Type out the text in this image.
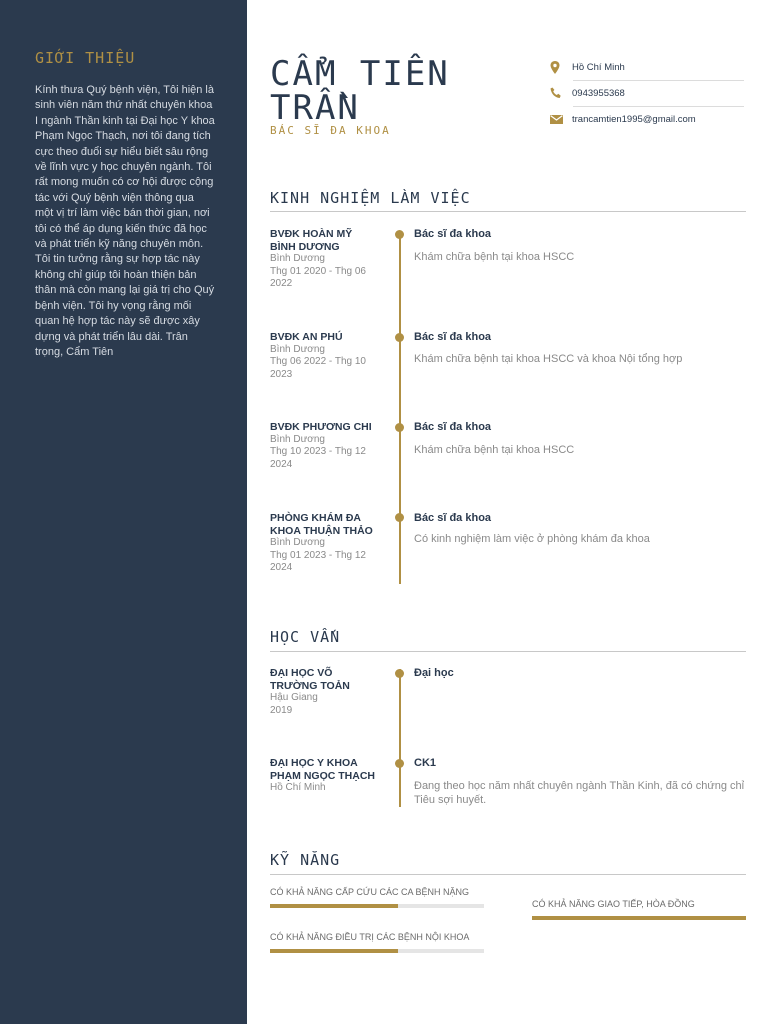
GIỚI THIỆU

Kính thưa Quý bệnh viện, Tôi hiện là sinh viên năm thứ nhất chuyên khoa I ngành Thần kinh tại Đại học Y khoa Phạm Ngọc Thạch, nơi tôi đang tích cực theo đuổi sự hiểu biết sâu rộng về lĩnh vực y học chuyên ngành. Tôi rất mong muốn có cơ hội được cộng tác với Quý bệnh viện thông qua một vị trí làm việc bán thời gian, nơi tôi có thể áp dụng kiến thức đã học và phát triển kỹ năng chuyên môn. Tôi tin tưởng rằng sự hợp tác này không chỉ giúp tôi hoàn thiện bản thân mà còn mang lại giá trị cho Quý bệnh viện. Tôi hy vọng rằng mối quan hệ hợp tác này sẽ được xây dựng và phát triển lâu dài. Trân trọng, Cẩm Tiên

CẨM TIÊN
TRẦN
BÁC SĨ ĐA KHOA
Hồ Chí Minh
0943955368
trancamtien1995@gmail.com
KINH NGHIỆM LÀM VIỆC
BVĐK HOÀN MỸ BÌNH DƯƠNG
Bình Dương
Thg 01 2020 - Thg 06 2022
Bác sĩ đa khoa
Khám chữa bệnh tại khoa HSCC
BVĐK AN PHÚ
Bình Dương
Thg 06 2022 - Thg 10 2023
Bác sĩ đa khoa
Khám chữa bệnh tại khoa HSCC và khoa Nội tổng hợp
BVĐK PHƯƠNG CHI
Bình Dương
Thg 10 2023 - Thg 12 2024
Bác sĩ đa khoa
Khám chữa bệnh tại khoa HSCC
PHÒNG KHÁM ĐA KHOA THUẬN THẢO
Bình Dương
Thg 01 2023 - Thg 12 2024
Bác sĩ đa khoa
Có kinh nghiệm làm việc ở phòng khám đa khoa
HỌC VẤN
ĐẠI HỌC VÕ TRƯỜNG TOẢN
Hậu Giang
2019
Đại học
ĐẠI HỌC Y KHOA PHẠM NGỌC THẠCH
Hồ Chí Minh
CK1
Đang theo học năm nhất chuyên ngành Thần Kinh, đã có chứng chỉ Tiêu sợi huyết.
KỸ NĂNG
CÓ KHẢ NĂNG CẤP CỨU CÁC CA BỆNH NẶNG
CÓ KHẢ NĂNG GIAO TIẾP, HÒA ĐỒNG
CÓ KHẢ NĂNG ĐIỀU TRỊ CÁC BỆNH NỘI KHOA
